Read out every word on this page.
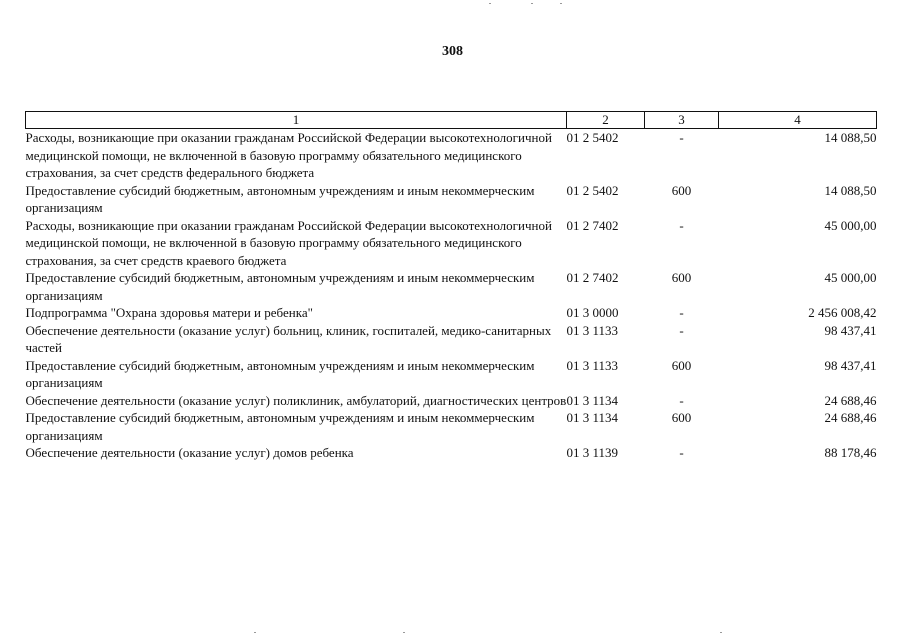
308
1	2	3	4
Расходы, возникающие при оказании гражданам Российской Федерации высокотехнологичной медицинской помощи, не включенной в базовую программу обязательного медицинского страхования, за счет средств федерального бюджета	01 2 5402	-	14 088,50
Предоставление субсидий бюджетным, автономным учреждениям и иным некоммерческим организациям	01 2 5402	600	14 088,50
Расходы, возникающие при оказании гражданам Российской Федерации высокотехнологичной медицинской помощи, не включенной в базовую программу обязательного медицинского страхования, за счет средств краевого бюджета	01 2 7402	-	45 000,00
Предоставление субсидий бюджетным, автономным учреждениям и иным некоммерческим организациям	01 2 7402	600	45 000,00
Подпрограмма "Охрана здоровья матери и ребенка"	01 3 0000	-	2 456 008,42
Обеспечение деятельности (оказание услуг) больниц, клиник, госпиталей, медико-санитарных частей	01 3 1133	-	98 437,41
Предоставление субсидий бюджетным, автономным учреждениям и иным некоммерческим организациям	01 3 1133	600	98 437,41
Обеспечение деятельности (оказание услуг) поликлиник, амбулаторий, диагностических центров	01 3 1134	-	24 688,46
Предоставление субсидий бюджетным, автономным учреждениям и иным некоммерческим организациям	01 3 1134	600	24 688,46
Обеспечение деятельности (оказание услуг) домов ребенка	01 3 1139	-	88 178,46
